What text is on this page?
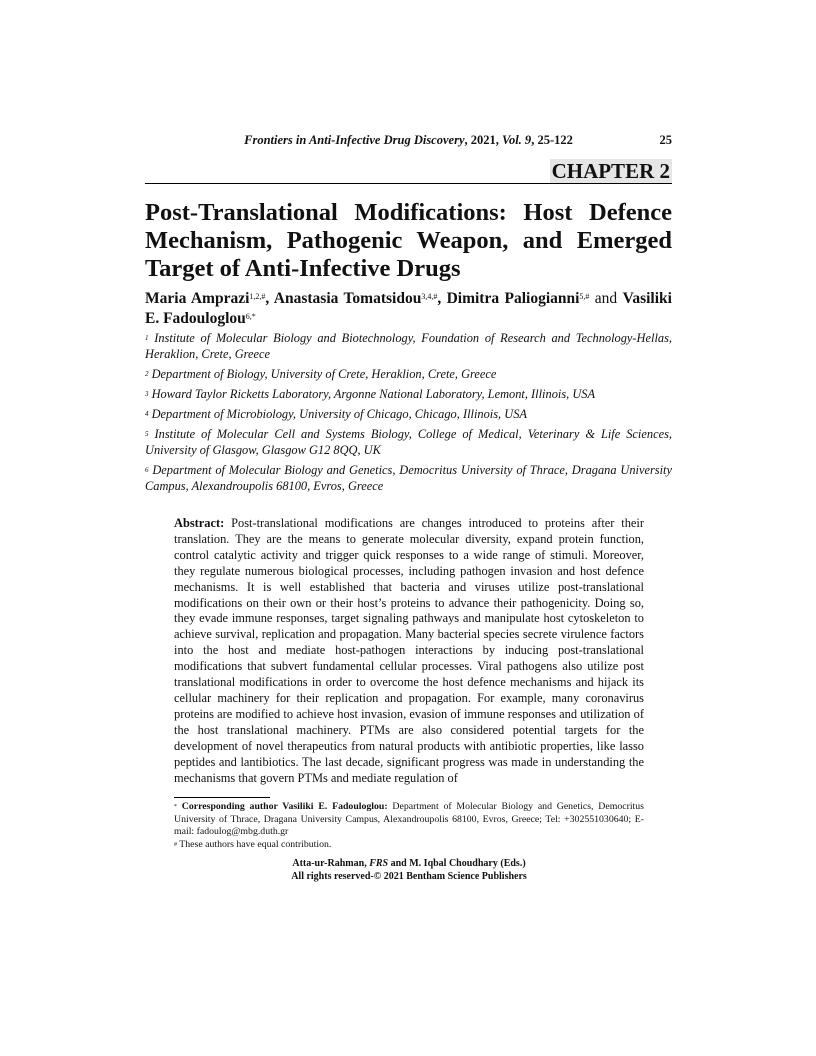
Frontiers in Anti-Infective Drug Discovery, 2021, Vol. 9, 25-122	25
CHAPTER 2
Post-Translational Modifications: Host Defence Mechanism, Pathogenic Weapon, and Emerged Target of Anti-Infective Drugs
Maria Amprazi$^{1,2,\#}$, Anastasia Tomatsidou$^{3,4,\#}$, Dimitra Paliogianni$^{5,\#}$ and Vasiliki E. Fadouloglou$^{6,*}$

$^1$ Institute of Molecular Biology and Biotechnology, Foundation of Research and Technology-Hellas, Heraklion, Crete, Greece

$^2$ Department of Biology, University of Crete, Heraklion, Crete, Greece

$^3$ Howard Taylor Ricketts Laboratory, Argonne National Laboratory, Lemont, Illinois, USA

$^4$ Department of Microbiology, University of Chicago, Chicago, Illinois, USA

$^5$ Institute of Molecular Cell and Systems Biology, College of Medical, Veterinary & Life Sciences, University of Glasgow, Glasgow G12 8QQ, UK

$^6$ Department of Molecular Biology and Genetics, Democritus University of Thrace, Dragana University Campus, Alexandroupolis 68100, Evros, Greece

Abstract: Post-translational modifications are changes introduced to proteins after their translation. They are the means to generate molecular diversity, expand protein function, control catalytic activity and trigger quick responses to a wide range of stimuli. Moreover, they regulate numerous biological processes, including pathogen invasion and host defence mechanisms. It is well established that bacteria and viruses utilize post-translational modifications on their own or their host’s proteins to advance their pathogenicity. Doing so, they evade immune responses, target signaling pathways and manipulate host cytoskeleton to achieve survival, replication and propagation. Many bacterial species secrete virulence factors into the host and mediate host-pathogen interactions by inducing post-translational modifications that subvert fundamental cellular processes. Viral pathogens also utilize post translational modifications in order to overcome the host defence mechanisms and hijack its cellular machinery for their replication and propagation. For example, many coronavirus proteins are modified to achieve host invasion, evasion of immune responses and utilization of the host translational machinery. PTMs are also considered potential targets for the development of novel therapeutics from natural products with antibiotic properties, like lasso peptides and lantibiotics. The last decade, significant progress was made in understanding the mechanisms that govern PTMs and mediate regulation of

* Corresponding author Vasiliki E. Fadouloglou: Department of Molecular Biology and Genetics, Democritus University of Thrace, Dragana University Campus, Alexandroupolis 68100, Evros, Greece; Tel: +302551030640; E-mail: fadoulog@mbg.duth.gr

# These authors have equal contribution.

Atta-ur-Rahman, FRS and M. Iqbal Choudhary (Eds.)
All rights reserved-© 2021 Bentham Science Publishers
